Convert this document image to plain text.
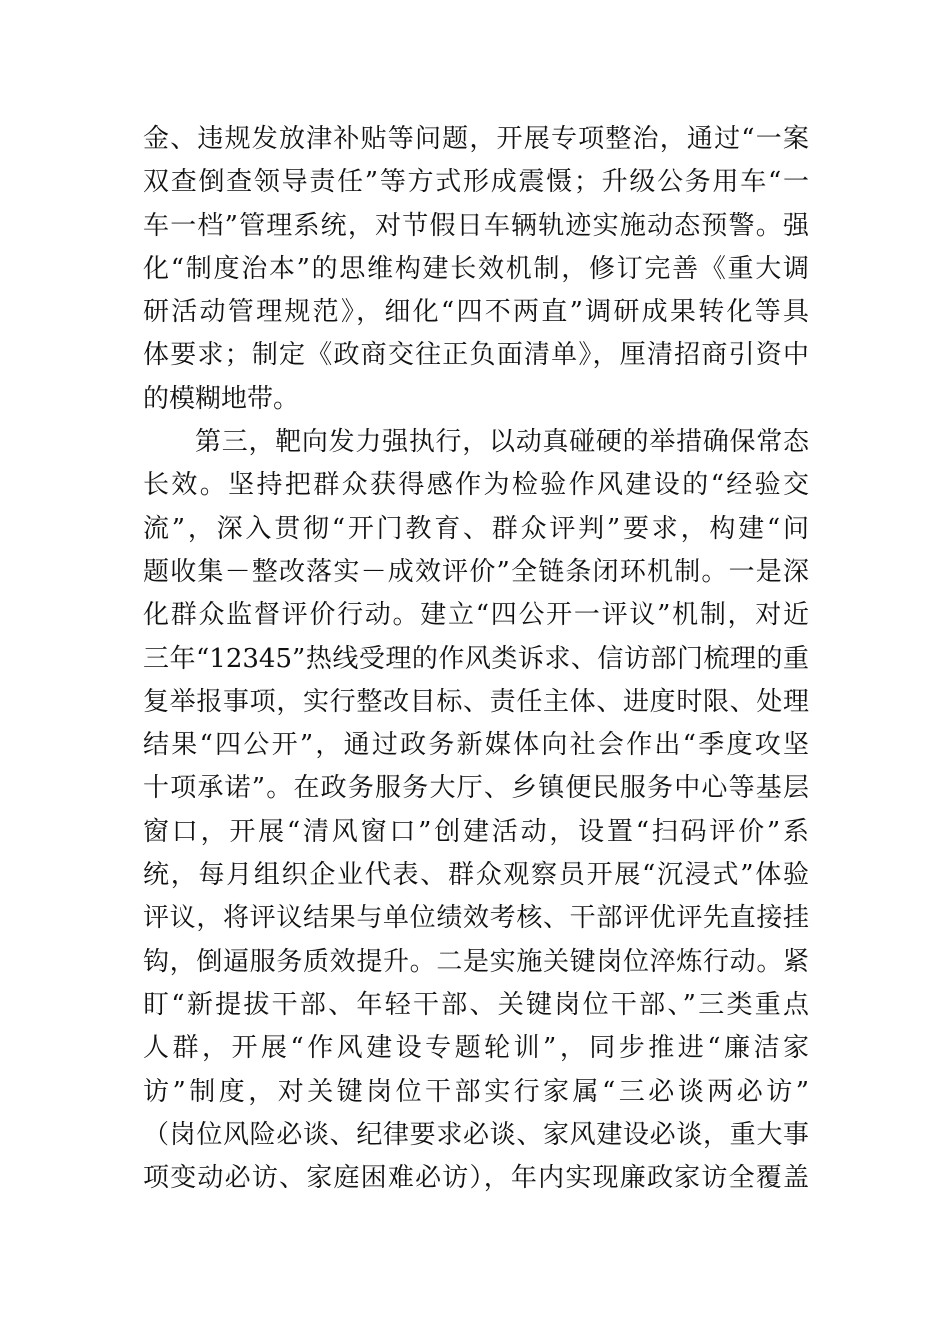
金、违规发放津补贴等问题，开展专项整治，通过“一案
双查倒查领导责任”等方式形成震慑；升级公务用车“一
车一档”管理系统，对节假日车辆轨迹实施动态预警。强
化“制度治本”的思维构建长效机制，修订完善《重大调
研活动管理规范》，细化“四不两直”调研成果转化等具
体要求；制定《政商交往正负面清单》，厘清招商引资中
的模糊地带。
第三，靶向发力强执行，以动真碰硬的举措确保常态
长效。坚持把群众获得感作为检验作风建设的“经验交
流”，深入贯彻“开门教育、群众评判”要求，构建“问
题收集－整改落实－成效评价”全链条闭环机制。一是深
化群众监督评价行动。建立“四公开一评议”机制，对近
三年“12345”热线受理的作风类诉求、信访部门梳理的重
复举报事项，实行整改目标、责任主体、进度时限、处理
结果“四公开”，通过政务新媒体向社会作出“季度攻坚
十项承诺”。在政务服务大厅、乡镇便民服务中心等基层
窗口，开展“清风窗口”创建活动，设置“扫码评价”系
统，每月组织企业代表、群众观察员开展“沉浸式”体验
评议，将评议结果与单位绩效考核、干部评优评先直接挂
钩，倒逼服务质效提升。二是实施关键岗位淬炼行动。紧
盯“新提拔干部、年轻干部、关键岗位干部、”三类重点
人群，开展“作风建设专题轮训”，同步推进“廉洁家
访”制度，对关键岗位干部实行家属“三必谈两必访”
（岗位风险必谈、纪律要求必谈、家风建设必谈，重大事
项变动必访、家庭困难必访），年内实现廉政家访全覆盖
